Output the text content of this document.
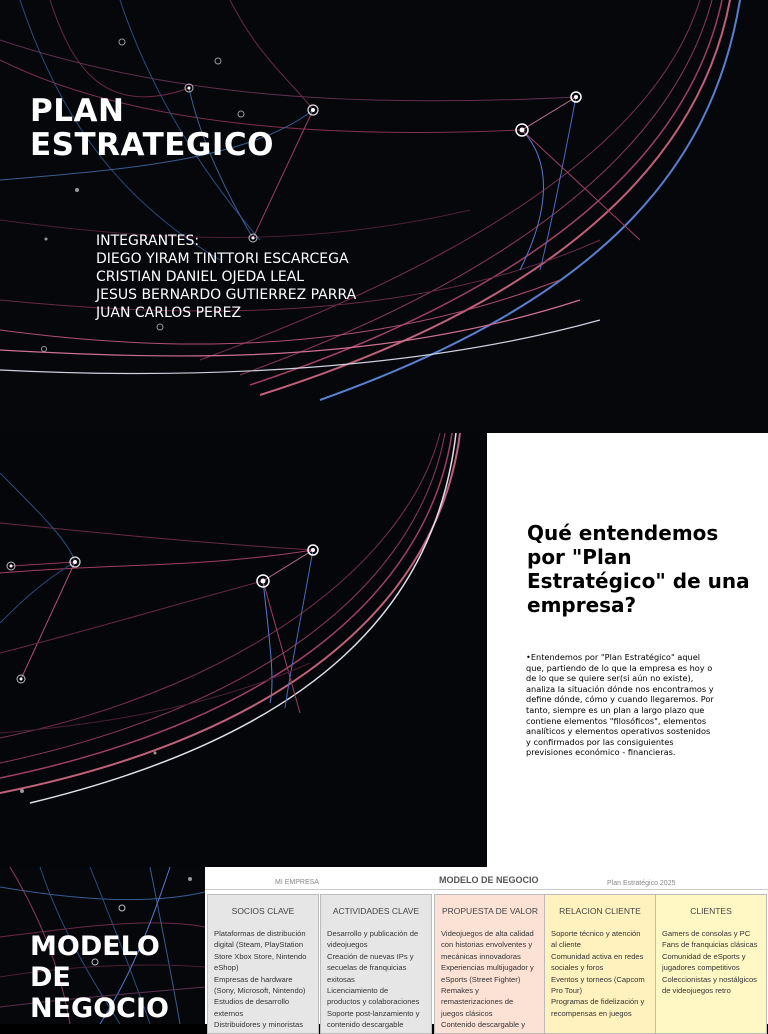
PLAN
ESTRATEGICO
INTEGRANTES:
DIEGO YIRAM TINTTORI ESCARCEGA
CRISTIAN DANIEL OJEDA LEAL
JESUS BERNARDO GUTIERREZ PARRA
JUAN CARLOS PEREZ
Qué entendemos por "Plan Estratégico" de una empresa?
•Entendemos por "Plan Estratégico" aquel que, partiendo de lo que la empresa es hoy o de lo que se quiere ser(si aún no existe), analiza la situación dónde nos encontramos y define dónde, cómo y cuando llegaremos. Por tanto, siempre es un plan a largo plazo que contiene elementos "filosóficos", elementos analíticos y elementos operativos sostenidos y confirmados por las consiguientes previsiones económico - financieras.
MODELO
DE
NEGOCIO
MI EMPRESA	MODELO DE NEGOCIO	Plan Estratégico 2025
SOCIOS CLAVE
Plataformas de distribución
digital (Steam, PlayStation
Store Xbox Store, Nintendo
eShop)
Empresas de hardware
(Sony, Microsoft, Nintendo)
Estudios de desarrollo
externos
Distribuidores y minoristas
ACTIVIDADES CLAVE
Desarrollo y publicación de
videojuegos
Creación de nuevas IPs y
secuelas de franquicias
exitosas
Licenciamiento de
productos y colaboraciones
Soporte post-lanzamiento y
contenido descargable
PROPUESTA DE VALOR
Videojuegos de alta calidad
con historias envolventes y
mecánicas innovadoras
Experiencias multijugador y
eSports (Street Fighter)
Remakes y
remasterizaciones de
juegos clásicos
Contenido descargable y
RELACION CLIENTE
Soporte técnico y atención
al cliente
Comunidad activa en redes
sociales y foros
Eventos y torneos (Capcom
Pro Tour)
Programas de fidelización y
recompensas en juegos
CLIENTES
Gamers de consolas y PC
Fans de franquicias clásicas
Comunidad de eSports y
jugadores competitivos
Coleccionistas y nostálgicos
de videojuegos retro
